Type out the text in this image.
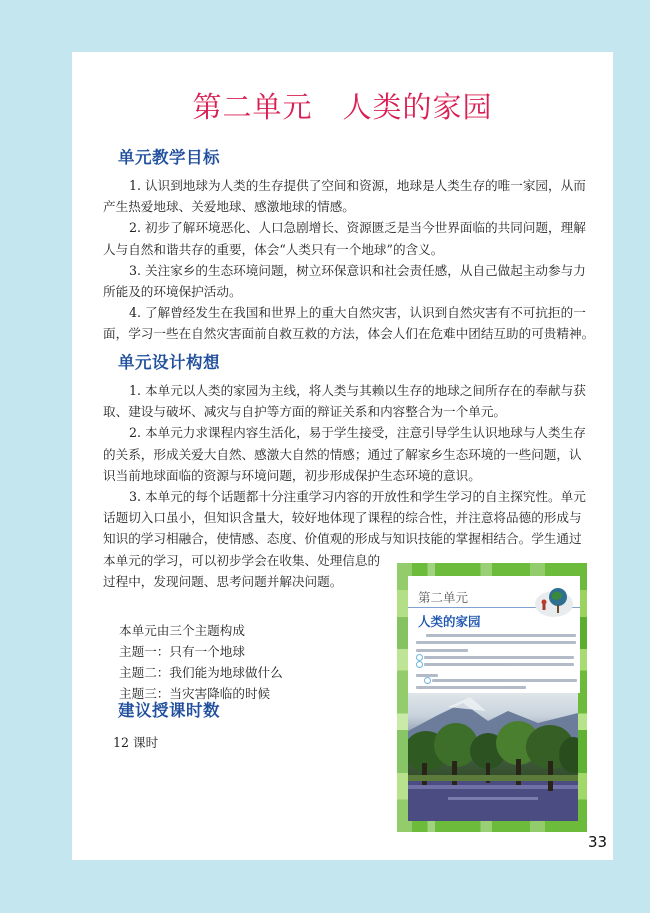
第二单元　人类的家园
单元教学目标
1. 认识到地球为人类的生存提供了空间和资源，地球是人类生存的唯一家园，从而
产生热爱地球、关爱地球、感激地球的情感。
2. 初步了解环境恶化、人口急剧增长、资源匮乏是当今世界面临的共同问题，理解
人与自然和谐共存的重要，体会“人类只有一个地球”的含义。
3. 关注家乡的生态环境问题，树立环保意识和社会责任感，从自己做起主动参与力
所能及的环境保护活动。
4. 了解曾经发生在我国和世界上的重大自然灾害，认识到自然灾害有不可抗拒的一
面，学习一些在自然灾害面前自救互救的方法，体会人们在危难中团结互助的可贵精神。
单元设计构想
1. 本单元以人类的家园为主线，将人类与其赖以生存的地球之间所存在的奉献与获
取、建设与破坏、减灾与自护等方面的辩证关系和内容整合为一个单元。
2. 本单元力求课程内容生活化，易于学生接受，注意引导学生认识地球与人类生存
的关系，形成关爱大自然、感激大自然的情感；通过了解家乡生态环境的一些问题，认
识当前地球面临的资源与环境问题，初步形成保护生态环境的意识。
3. 本单元的每个话题都十分注重学习内容的开放性和学生学习的自主探究性。单元
话题切入口虽小，但知识含量大，较好地体现了课程的综合性，并注意将品德的形成与
知识的学习相融合，使情感、态度、价值观的形成与知识技能的掌握相结合。学生通过
本单元的学习，可以初步学会在收集、处理信息的
过程中，发现问题、思考问题并解决问题。
本单元由三个主题构成
主题一：只有一个地球
主题二：我们能为地球做什么
主题三：当灾害降临的时候
建议授课时数
12 课时
第二单元
人类的家园
33
